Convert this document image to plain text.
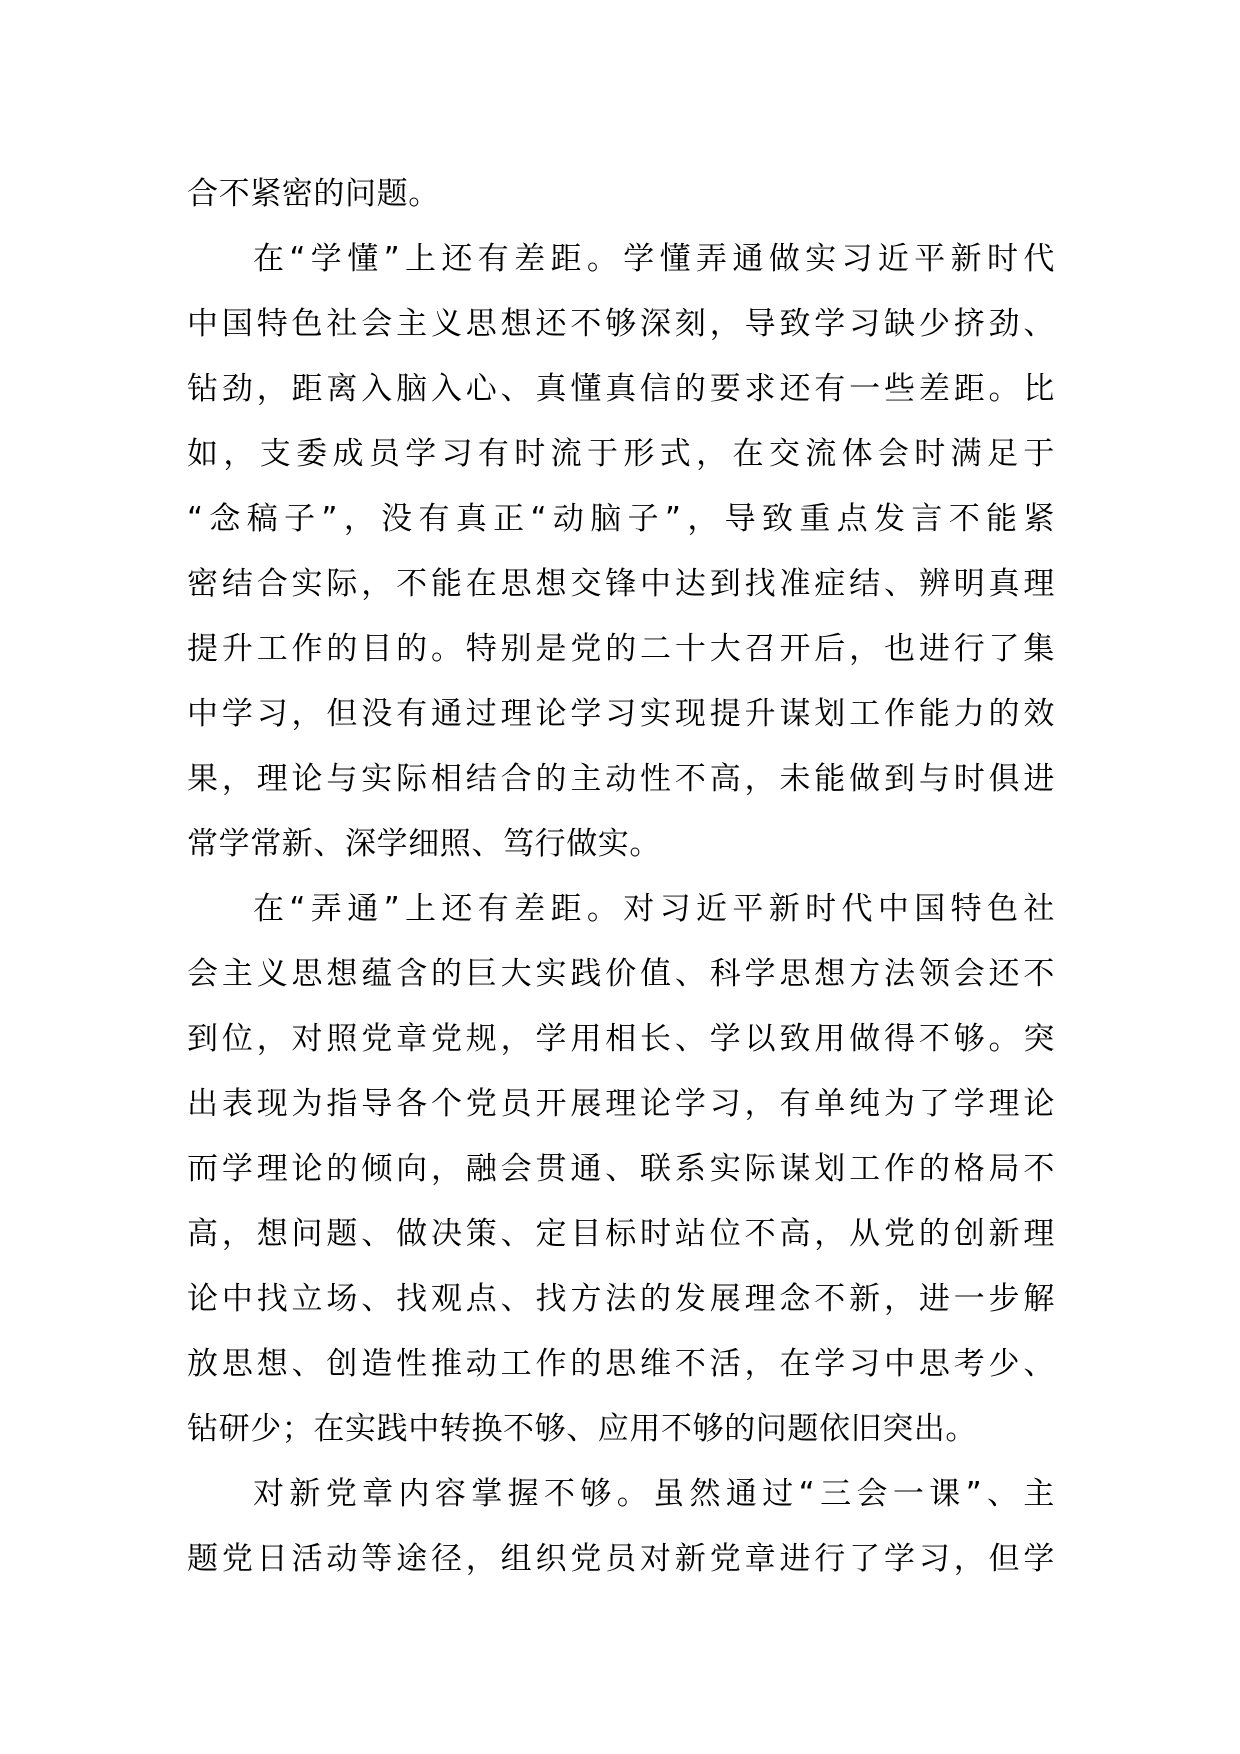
合不紧密的问题。
在“学懂”上还有差距。学懂弄通做实习近平新时代
中国特色社会主义思想还不够深刻，导致学习缺少挤劲、
钻劲，距离入脑入心、真懂真信的要求还有一些差距。比
如，支委成员学习有时流于形式，在交流体会时满足于
“念稿子”，没有真正“动脑子”，导致重点发言不能紧
密结合实际，不能在思想交锋中达到找准症结、辨明真理
提升工作的目的。特别是党的二十大召开后，也进行了集
中学习，但没有通过理论学习实现提升谋划工作能力的效
果，理论与实际相结合的主动性不高，未能做到与时俱进
常学常新、深学细照、笃行做实。
在“弄通”上还有差距。对习近平新时代中国特色社
会主义思想蕴含的巨大实践价值、科学思想方法领会还不
到位，对照党章党规，学用相长、学以致用做得不够。突
出表现为指导各个党员开展理论学习，有单纯为了学理论
而学理论的倾向，融会贯通、联系实际谋划工作的格局不
高，想问题、做决策、定目标时站位不高，从党的创新理
论中找立场、找观点、找方法的发展理念不新，进一步解
放思想、创造性推动工作的思维不活，在学习中思考少、
钻研少；在实践中转换不够、应用不够的问题依旧突出。
对新党章内容掌握不够。虽然通过“三会一课”、主
题党日活动等途径，组织党员对新党章进行了学习，但学
